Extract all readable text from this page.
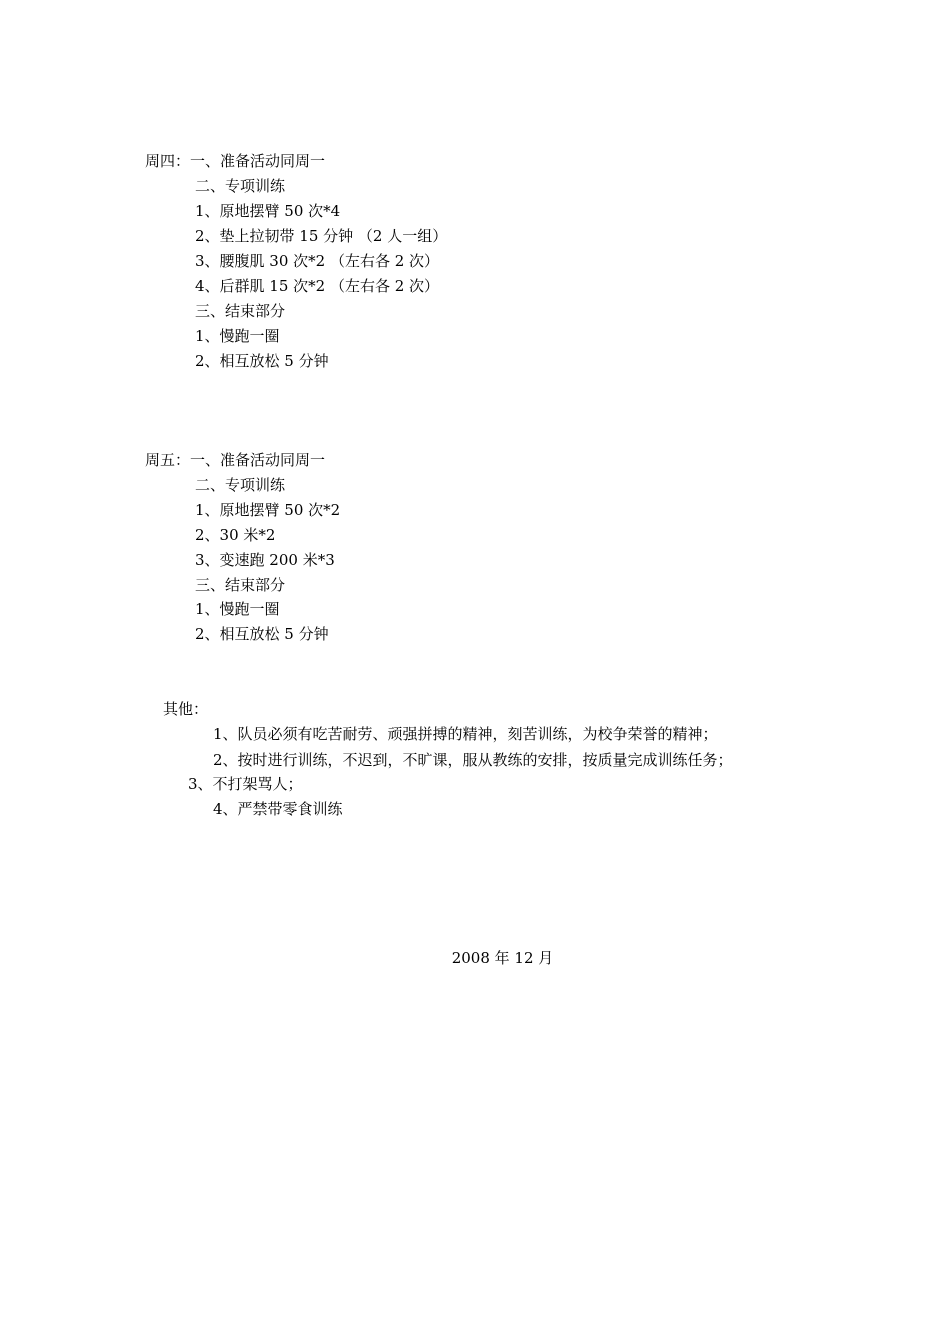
周四：一、准备活动同周一
二、专项训练
1、原地摆臂 50 次*4
2、垫上拉韧带 15 分钟 （2 人一组）
3、腰腹肌 30 次*2 （左右各 2 次）
4、后群肌 15 次*2 （左右各 2 次）
三、结束部分
1、慢跑一圈
2、相互放松 5 分钟
周五：一、准备活动同周一
二、专项训练
1、原地摆臂 50 次*2
2、30 米*2
3、变速跑 200 米*3
三、结束部分
1、慢跑一圈
2、相互放松 5 分钟
其他：
1、队员必须有吃苦耐劳、顽强拼搏的精神，刻苦训练，为校争荣誉的精神；
2、按时进行训练，不迟到，不旷课，服从教练的安排，按质量完成训练任务；
3、不打架骂人；
4、严禁带零食训练
2008 年 12 月
